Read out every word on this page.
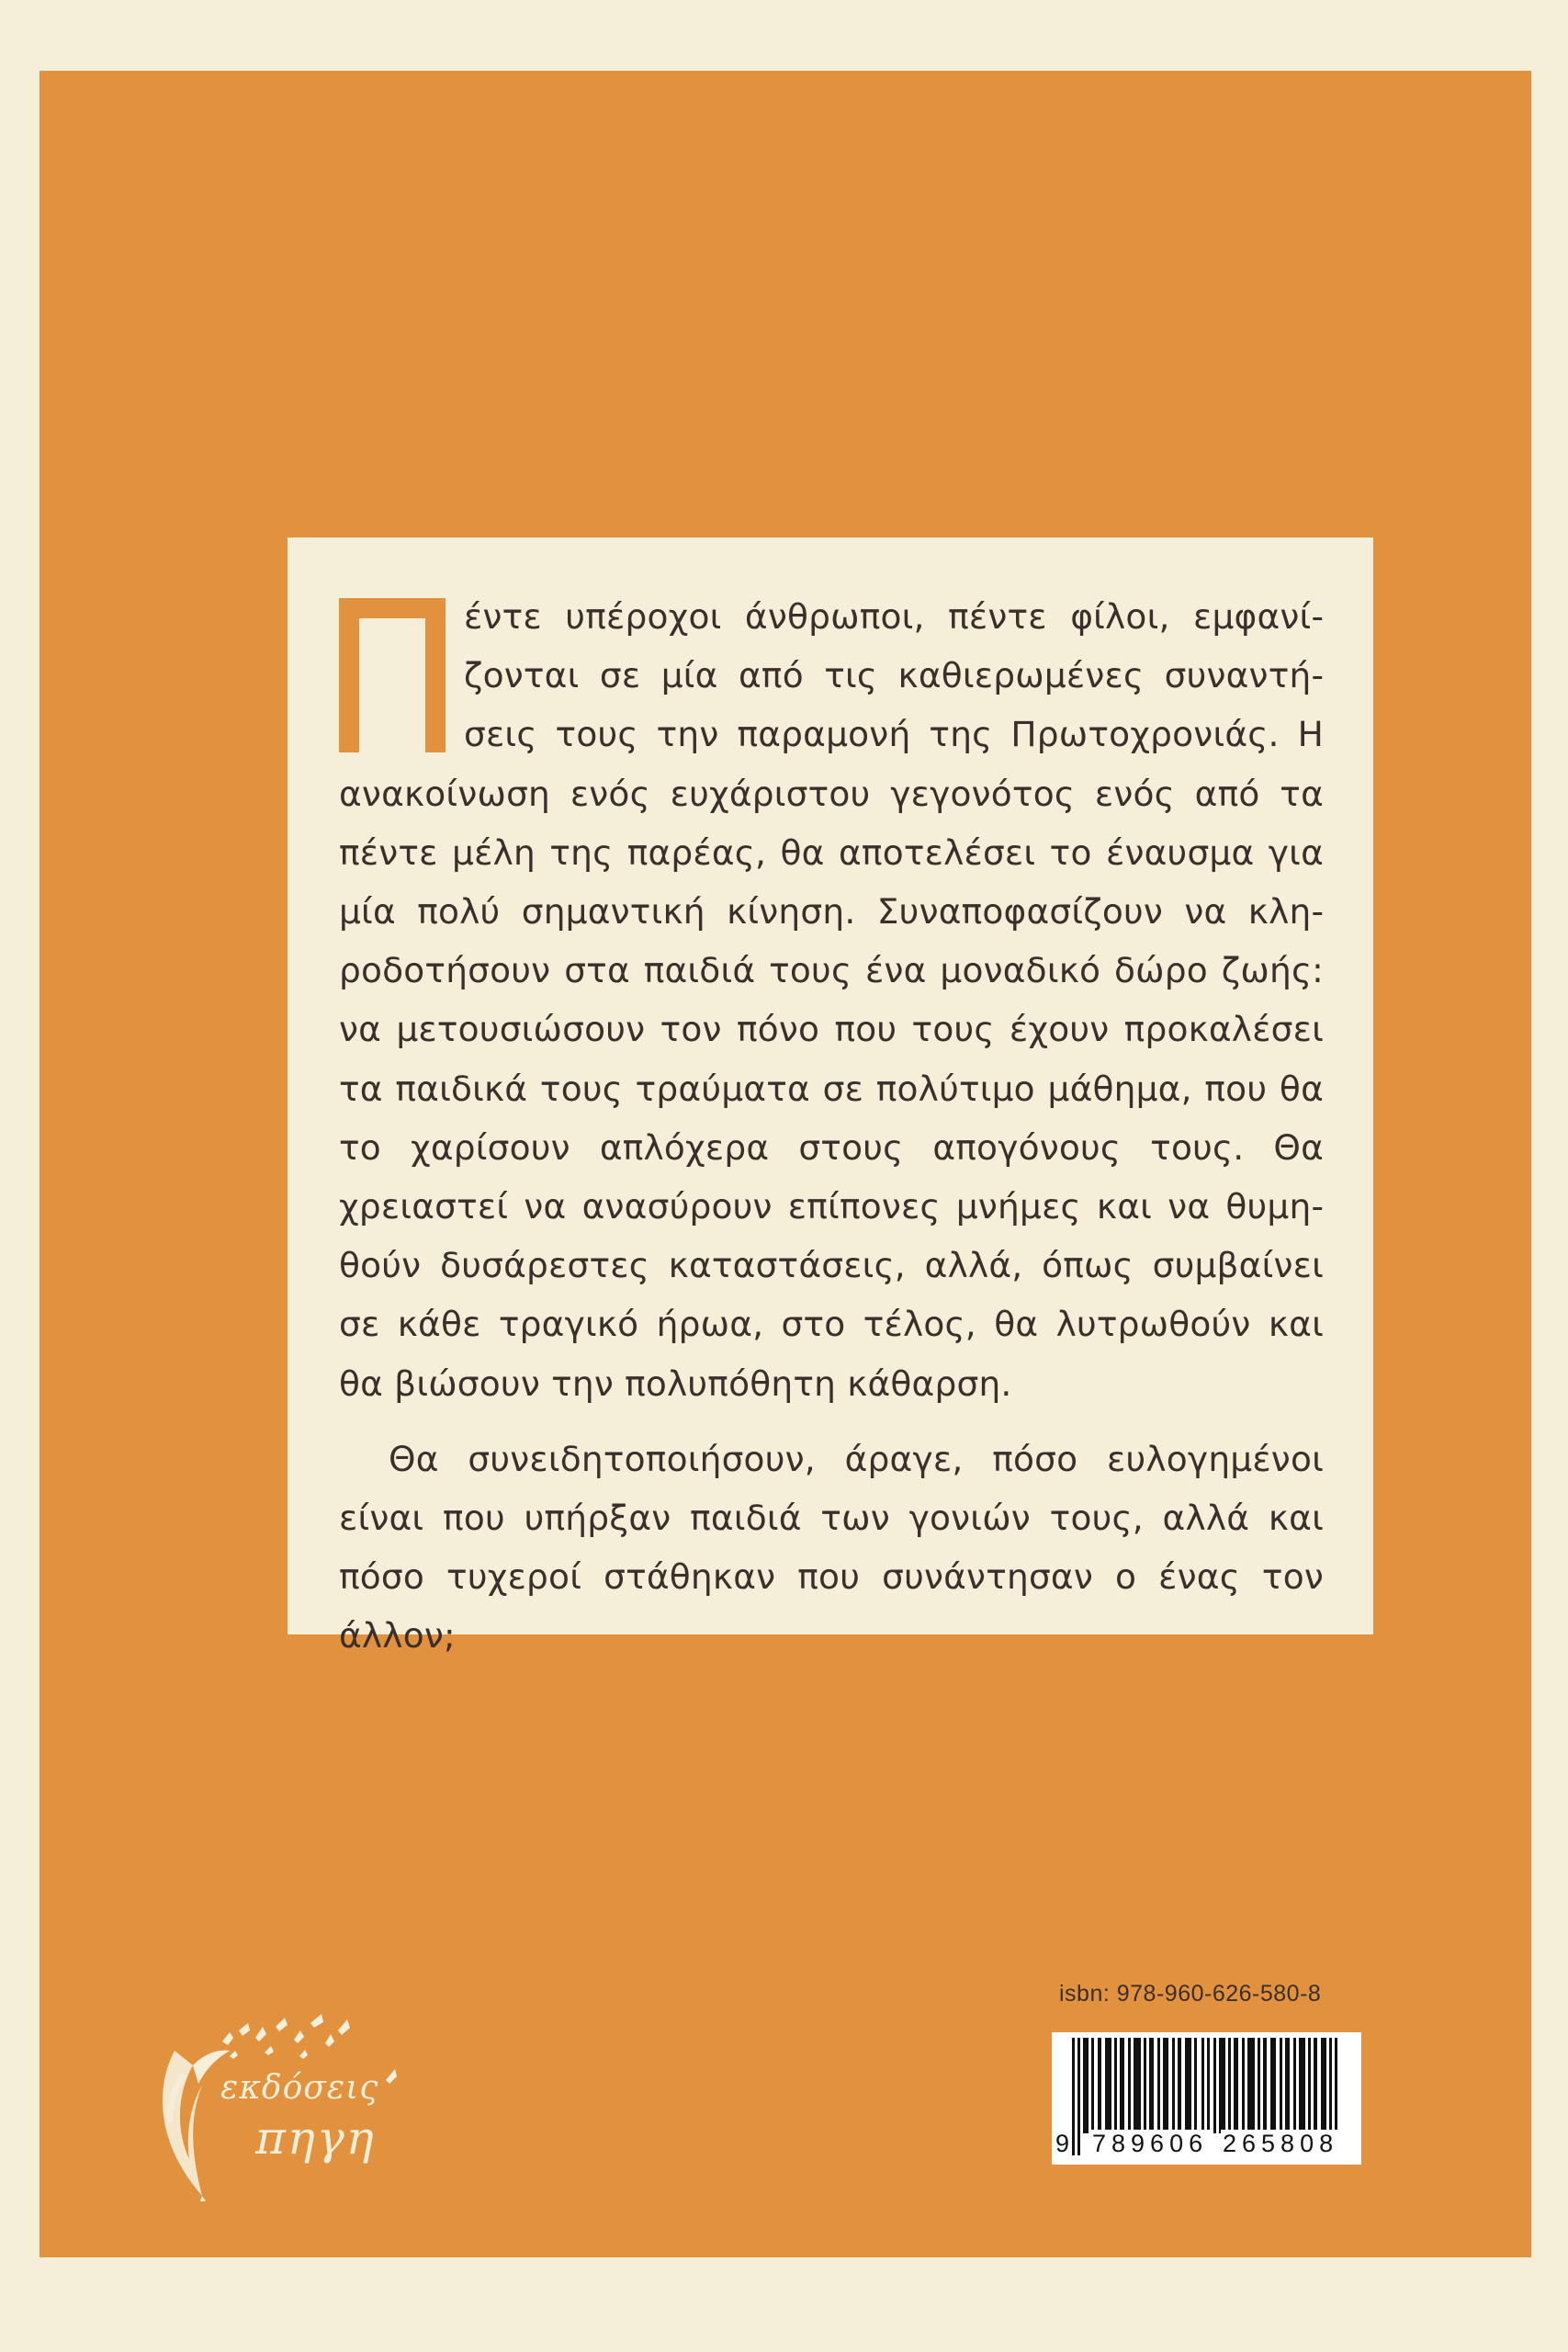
έντε υπέροχοι άνθρωποι, πέντε φίλοι, εμφανίζονται σε μία από τις καθιερωμένες συναντήσεις τους την παραμονή της Πρωτοχρονιάς. Η ανακοίνωση ενός ευχάριστου γεγονότος ενός από τα πέντε μέλη της παρέας, θα αποτελέσει το έναυσμα για μία πολύ σημαντική κίνηση. Συναποφασίζουν να κληροδοτήσουν στα παιδιά τους ένα μοναδικό δώρο ζωής: να μετουσιώσουν τον πόνο που τους έχουν προκαλέσει τα παιδικά τους τραύματα σε πολύτιμο μάθημα, που θα το χαρίσουν απλόχερα στους απογόνους τους. Θα χρειαστεί να ανασύρουν επίπονες μνήμες και να θυμηθούν δυσάρεστες καταστάσεις, αλλά, όπως συμβαίνει σε κάθε τραγικό ήρωα, στο τέλος, θα λυτρωθούν και θα βιώσουν την πολυπόθητη κάθαρση.

Θα συνειδητοποιήσουν, άραγε, πόσο ευλογημένοι είναι που υπήρξαν παιδιά των γονιών τους, αλλά και πόσο τυχεροί στάθηκαν που συνάντησαν ο ένας τον άλλον;

εκδόσεις
πηγη
isbn: 978-960-626-580-8
9 789606 265808
